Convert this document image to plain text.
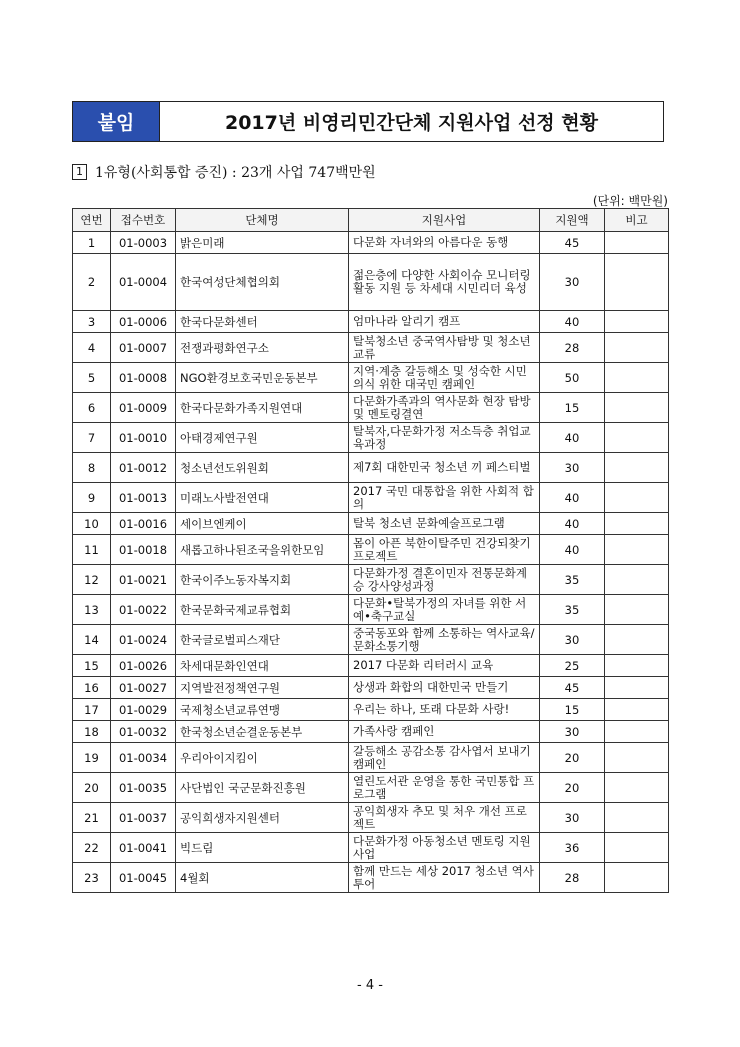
붙임	2017년 비영리민간단체 지원사업 선정 현황
1 1유형(사회통합 증진) : 23개 사업 747백만원
(단위: 백만원)
연번	접수번호	단체명	지원사업	지원액	비고
1	01-0003	밝은미래	다문화 자녀와의 아름다운 동행	45	
2	01-0004	한국여성단체협의회	젊은층에 다양한 사회이슈 모니터링 활동 지원 등 차세대 시민리더 육성	30	
3	01-0006	한국다문화센터	엄마나라 알리기 캠프	40	
4	01-0007	전쟁과평화연구소	탈북청소년 중국역사탐방 및 청소년교류	28	
5	01-0008	NGO환경보호국민운동본부	지역·계층 갈등해소 및 성숙한 시민의식 위한 대국민 캠페인	50	
6	01-0009	한국다문화가족지원연대	다문화가족과의 역사문화 현장 탐방 및 멘토링결연	15	
7	01-0010	아태경제연구원	탈북자,다문화가정 저소득층 취업교육과정	40	
8	01-0012	청소년선도위원회	제7회 대한민국 청소년 끼 페스티벌	30	
9	01-0013	미래노사발전연대	2017 국민 대통합을 위한 사회적 합의	40	
10	01-0016	세이브엔케이	탈북 청소년 문화예술프로그램	40	
11	01-0018	새롭고하나된조국을위한모임	몸이 아픈 북한이탈주민 건강되찾기 프로젝트	40	
12	01-0021	한국이주노동자복지회	다문화가정 결혼이민자 전통문화계승 강사양성과정	35	
13	01-0022	한국문화국제교류협회	다문화•탈북가정의 자녀를 위한 서예•축구교실	35	
14	01-0024	한국글로벌피스재단	중국동포와 함께 소통하는 역사교육/문화소통기행	30	
15	01-0026	차세대문화인연대	2017 다문화 리터러시 교육	25	
16	01-0027	지역발전정책연구원	상생과 화합의 대한민국 만들기	45	
17	01-0029	국제청소년교류연맹	우리는 하나, 또래 다문화 사랑!	15	
18	01-0032	한국청소년순결운동본부	가족사랑 캠페인	30	
19	01-0034	우리아이지킴이	갈등해소 공감소통 감사엽서 보내기 캠페인	20	
20	01-0035	사단법인 국군문화진흥원	열린도서관 운영을 통한 국민통합 프로그램	20	
21	01-0037	공익희생자지원센터	공익희생자 추모 및 처우 개선 프로젝트	30	
22	01-0041	빅드림	다문화가정 아동청소년 멘토링 지원사업	36	
23	01-0045	4월회	함께 만드는 세상 2017 청소년 역사투어	28	
- 4 -
